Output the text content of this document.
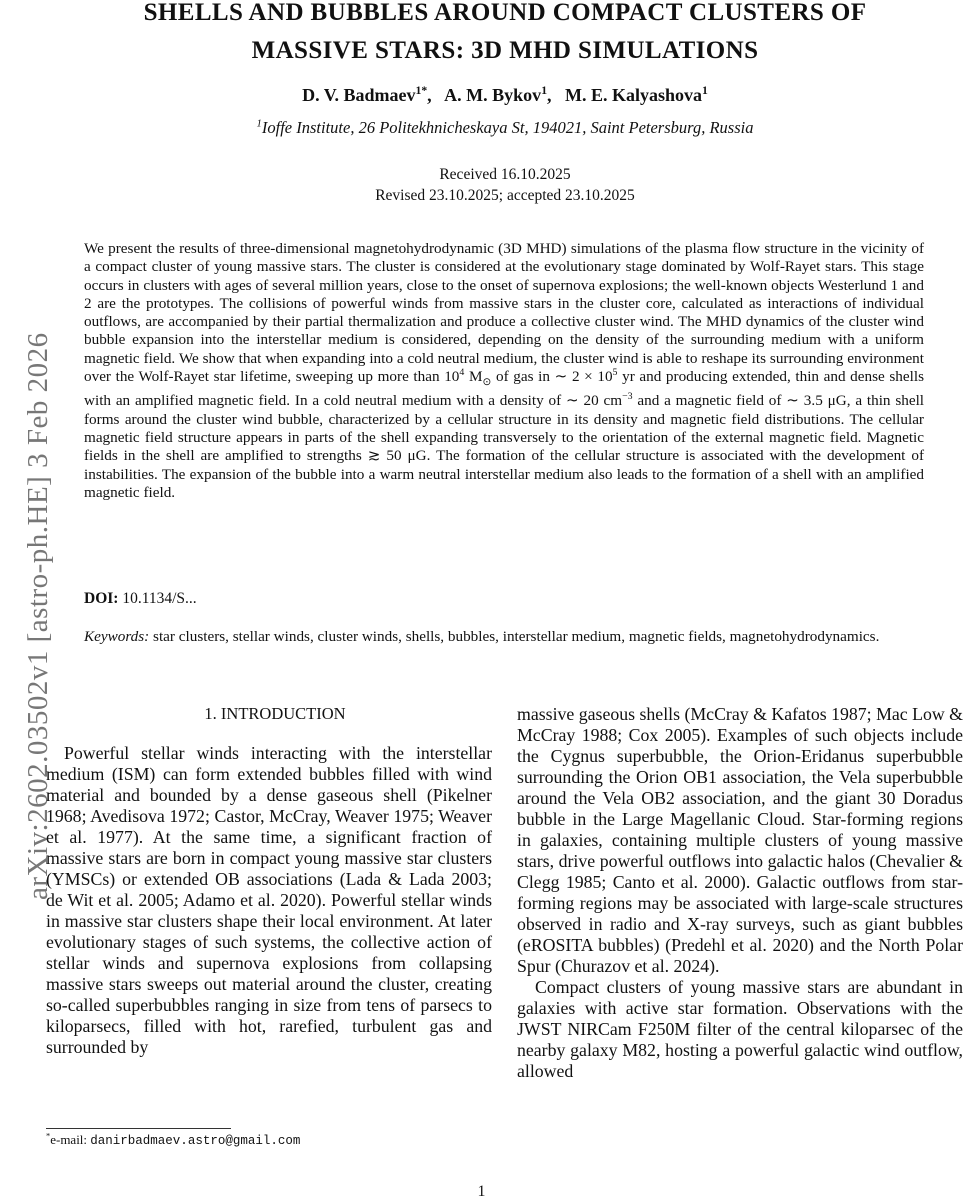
arXiv:2602.03502v1 [astro-ph.HE] 3 Feb 2026
SHELLS AND BUBBLES AROUND COMPACT CLUSTERS OF
MASSIVE STARS: 3D MHD SIMULATIONS
D. V. Badmaev$^{1*}$,   A. M. Bykov$^1$,   M. E. Kalyashova$^1$
$^1$Ioffe Institute, 26 Politekhnicheskaya St, 194021, Saint Petersburg, Russia
Received 16.10.2025
Revised 23.10.2025; accepted 23.10.2025
We present the results of three-dimensional magnetohydrodynamic (3D MHD) simulations of the plasma flow structure in the vicinity of a compact cluster of young massive stars. The cluster is considered at the evolutionary stage dominated by Wolf-Rayet stars. This stage occurs in clusters with ages of several million years, close to the onset of supernova explosions; the well-known objects Westerlund 1 and 2 are the prototypes. The collisions of powerful winds from massive stars in the cluster core, calculated as interactions of individual outflows, are accompanied by their partial thermalization and produce a collective cluster wind. The MHD dynamics of the cluster wind bubble expansion into the interstellar medium is considered, depending on the density of the surrounding medium with a uniform magnetic field. We show that when expanding into a cold neutral medium, the cluster wind is able to reshape its surrounding environment over the Wolf-Rayet star lifetime, sweeping up more than $10^4$ $M_⊙$ of gas in ∼ $2 \times 10^5$ yr and producing extended, thin and dense shells with an amplified magnetic field. In a cold neutral medium with a density of ∼ 20 $cm^{-3}$ and a magnetic field of ∼ 3.5 μG, a thin shell forms around the cluster wind bubble, characterized by a cellular structure in its density and magnetic field distributions. The cellular magnetic field structure appears in parts of the shell expanding transversely to the orientation of the external magnetic field. Magnetic fields in the shell are amplified to strengths ≳ 50 μG. The formation of the cellular structure is associated with the development of instabilities. The expansion of the bubble into a warm neutral interstellar medium also leads to the formation of a shell with an amplified magnetic field.
DOI: 10.1134/S...
Keywords: star clusters, stellar winds, cluster winds, shells, bubbles, interstellar medium, magnetic fields, magnetohydrodynamics.
1. INTRODUCTION

Powerful stellar winds interacting with the interstellar medium (ISM) can form extended bubbles filled with wind material and bounded by a dense gaseous shell (Pikelner 1968; Avedisova 1972; Castor, McCray, Weaver 1975; Weaver et al. 1977). At the same time, a significant fraction of massive stars are born in compact young massive star clusters (YMSCs) or extended OB associations (Lada & Lada 2003; de Wit et al. 2005; Adamo et al. 2020). Powerful stellar winds in massive star clusters shape their local environment. At later evolutionary stages of such systems, the collective action of stellar winds and supernova explosions from collapsing massive stars sweeps out material around the cluster, creating so-called superbubbles ranging in size from tens of parsecs to kiloparsecs, filled with hot, rarefied, turbulent gas and surrounded by

massive gaseous shells (McCray & Kafatos 1987; Mac Low & McCray 1988; Cox 2005). Examples of such objects include the Cygnus superbubble, the Orion-Eridanus superbubble surrounding the Orion OB1 association, the Vela superbubble around the Vela OB2 association, and the giant 30 Doradus bubble in the Large Magellanic Cloud. Star-forming regions in galaxies, containing multiple clusters of young massive stars, drive powerful outflows into galactic halos (Chevalier & Clegg 1985; Canto et al. 2000). Galactic outflows from star-forming regions may be associated with large-scale structures observed in radio and X-ray surveys, such as giant bubbles (eROSITA bubbles) (Predehl et al. 2020) and the North Polar Spur (Churazov et al. 2024).

Compact clusters of young massive stars are abundant in galaxies with active star formation. Observations with the JWST NIRCam F250M filter of the central kiloparsec of the nearby galaxy M82, hosting a powerful galactic wind outflow, allowed

*e-mail: danirbadmaev.astro@gmail.com
1
